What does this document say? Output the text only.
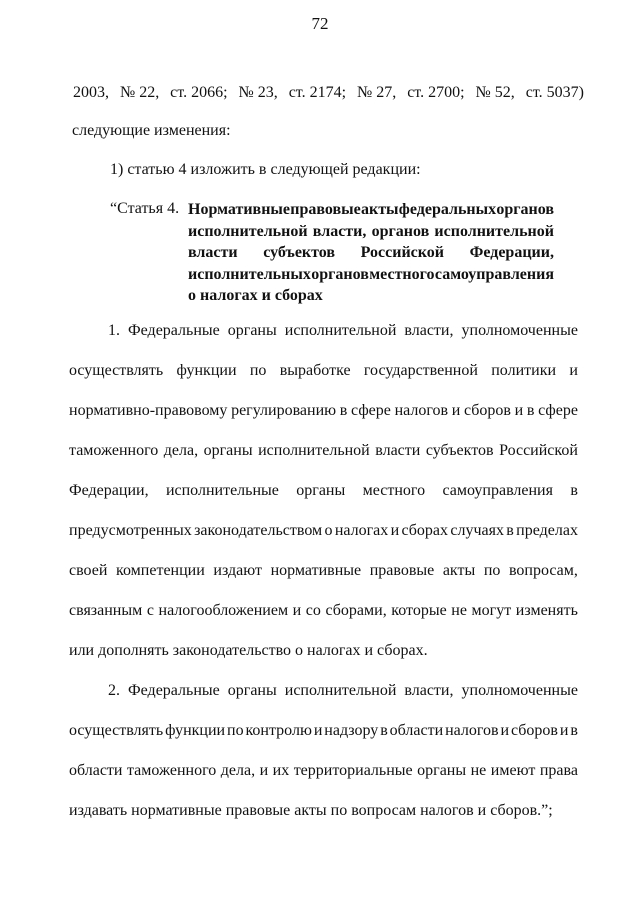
72
2003, № 22, ст. 2066; № 23, ст. 2174; № 27, ст. 2700; № 52, ст. 5037)
следующие изменения:
1) статью 4 изложить в следующей редакции:
“Статья 4. Нормативные правовые акты федеральных органов
исполнительной власти, органов исполнительной
власти субъектов Российской Федерации,
исполнительных органов местного самоуправления
о налогах и сборах
1. Федеральные органы исполнительной власти, уполномоченные
осуществлять функции по выработке государственной политики и
нормативно-правовому регулированию в сфере налогов и сборов и в сфере
таможенного дела, органы исполнительной власти субъектов Российской
Федерации, исполнительные органы местного самоуправления в
предусмотренных законодательством о налогах и сборах случаях в пределах
своей компетенции издают нормативные правовые акты по вопросам,
связанным с налогообложением и со сборами, которые не могут изменять
или дополнять законодательство о налогах и сборах.
2. Федеральные органы исполнительной власти, уполномоченные
осуществлять функции по контролю и надзору в области налогов и сборов и в
области таможенного дела, и их территориальные органы не имеют права
издавать нормативные правовые акты по вопросам налогов и сборов.”;
